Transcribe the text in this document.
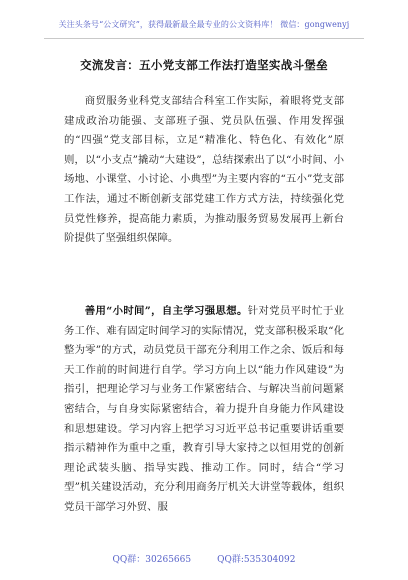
关注头条号“公文研究”，获得最新最全最专业的公文资料库！ 微信：gongwenyj
交流发言：五小党支部工作法打造坚实战斗堡垒

商贸服务业科党支部结合科室工作实际，着眼将党支部建成政治功能强、支部班子强、党员队伍强、作用发挥强的“四强”党支部目标，立足“精准化、特色化、有效化”原则，以“小支点”撬动“大建设”，总结探索出了以“小时间、小场地、小课堂、小讨论、小典型”为主要内容的“五小”党支部工作法，通过不断创新支部党建工作方式方法，持续强化党员党性修养，提高能力素质，为推动服务贸易发展再上新台阶提供了坚强组织保障。

善用“小时间”，自主学习强思想。针对党员平时忙于业务工作、难有固定时间学习的实际情况，党支部积极采取“化整为零”的方式，动员党员干部充分利用工作之余、饭后和每天工作前的时间进行自学。学习方向上以“能力作风建设”为指引，把理论学习与业务工作紧密结合、与解决当前问题紧密结合，与自身实际紧密结合，着力提升自身能力作风建设和思想建设。学习内容上把学习习近平总书记重要讲话重要指示精神作为重中之重，教育引导大家持之以恒用党的创新理论武装头脑、指导实践、推动工作。同时，结合“学习型”机关建设活动，充分利用商务厅机关大讲堂等载体，组织党员干部学习外贸、服

QQ群：30265665	QQ群:535304092
